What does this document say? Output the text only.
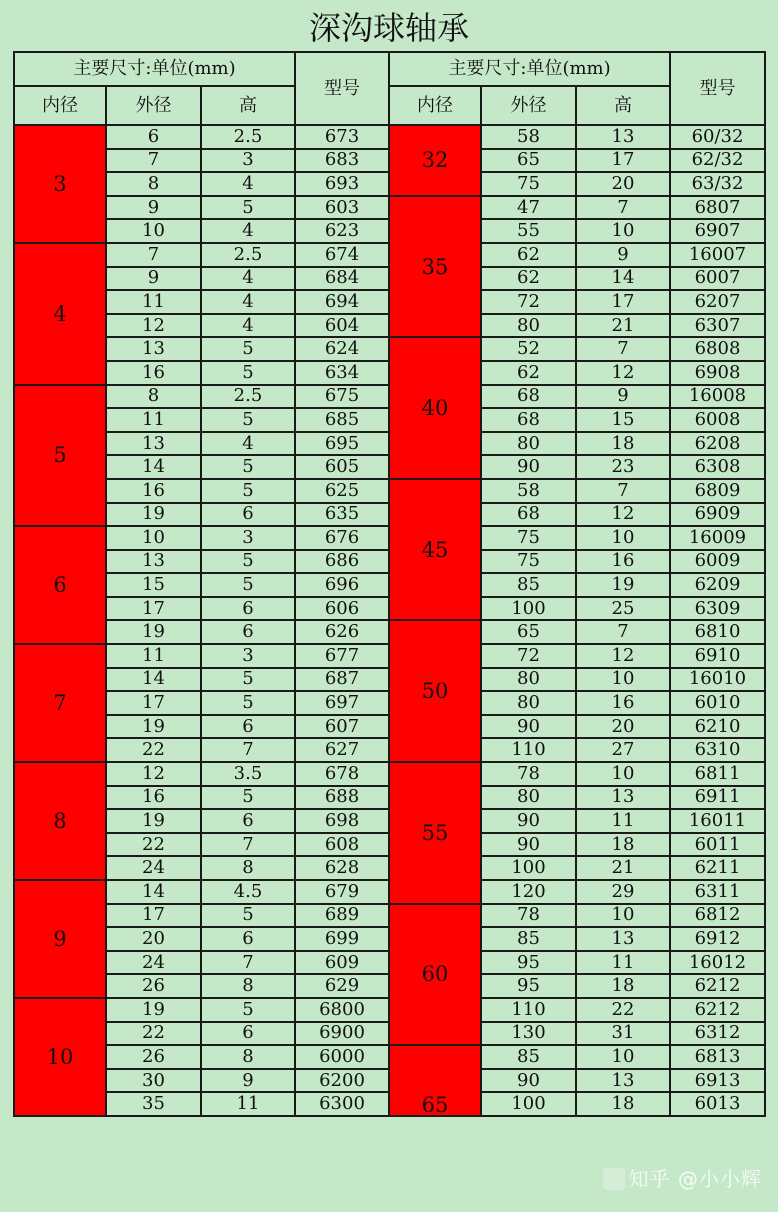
深沟球轴承
主要尺寸:单位(mm)			型号	主要尺寸:单位(mm)			型号
内径	外径	高		内径	外径	高	
3	6	2.5	673	32	58	13	60/32
	7	3	683		65	17	62/32
	8	4	693		75	20	63/32
	9	5	603	35	47	7	6807
	10	4	623		55	10	6907
4	7	2.5	674		62	9	16007
	9	4	684		62	14	6007
	11	4	694		72	17	6207
	12	4	604		80	21	6307
	13	5	624	40	52	7	6808
	16	5	634		62	12	6908
5	8	2.5	675		68	9	16008
	11	5	685		68	15	6008
	13	4	695		80	18	6208
	14	5	605		90	23	6308
	16	5	625	45	58	7	6809
	19	6	635		68	12	6909
6	10	3	676		75	10	16009
	13	5	686		75	16	6009
	15	5	696		85	19	6209
	17	6	606		100	25	6309
	19	6	626	50	65	7	6810
7	11	3	677		72	12	6910
	14	5	687		80	10	16010
	17	5	697		80	16	6010
	19	6	607		90	20	6210
	22	7	627		110	27	6310
8	12	3.5	678	55	78	10	6811
	16	5	688		80	13	6911
	19	6	698		90	11	16011
	22	7	608		90	18	6011
	24	8	628		100	21	6211
9	14	4.5	679		120	29	6311
	17	5	689	60	78	10	6812
	20	6	699		85	13	6912
	24	7	609		95	11	16012
	26	8	629		95	18	6212
10	19	5	6800		110	22	6212
	22	6	6900		130	31	6312
	26	8	6000	65	85	10	6813
	30	9	6200		90	13	6913
	35	11	6300		100	18	6013
知乎 @小小辉
